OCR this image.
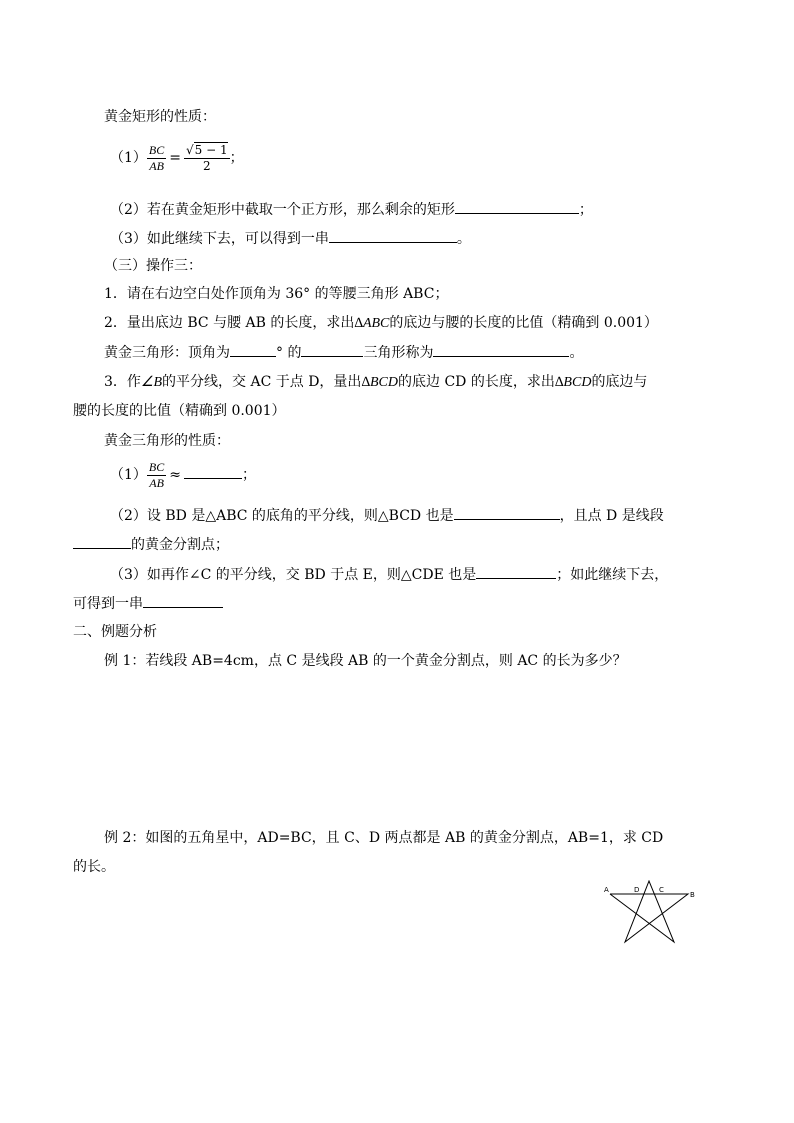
黄金矩形的性质：
$(1) \frac{BC}{AB} = \frac{√5 - 1}{2}$ ；
（2）若在黄金矩形中截取一个正方形，那么剩余的矩形	；
（3）如此继续下去，可以得到一串	。
（三）操作三：
1．请在右边空白处作顶角为 36° 的等腰三角形 ABC；
2．量出底边 BC 与腰 AB 的长度，求出∆ABC的底边与腰的长度的比值（精确到 0.001）
黄金三角形：顶角为	° 的	三角形称为	。
3．作∠B的平分线，交 AC 于点 D，量出∆BCD的底边 CD 的长度，求出∆BCD的底边与
腰的长度的比值（精确到 0.001）
黄金三角形的性质：
$(1) \frac{BC}{AB}$ ≈	；
（2）设 BD 是△ABC 的底角的平分线，则△BCD 也是	，且点 D 是线段
的黄金分割点；
（3）如再作∠C 的平分线，交 BD 于点 E，则△CDE 也是	；如此继续下去，
可得到一串
二、例题分析
例 1：若线段 AB=4cm，点 C 是线段 AB 的一个黄金分割点，则 AC 的长为多少？
例 2：如图的五角星中，AD=BC，且 C、D 两点都是 AB 的黄金分割点，AB=1，求 CD
的长。
A	D	C
B
